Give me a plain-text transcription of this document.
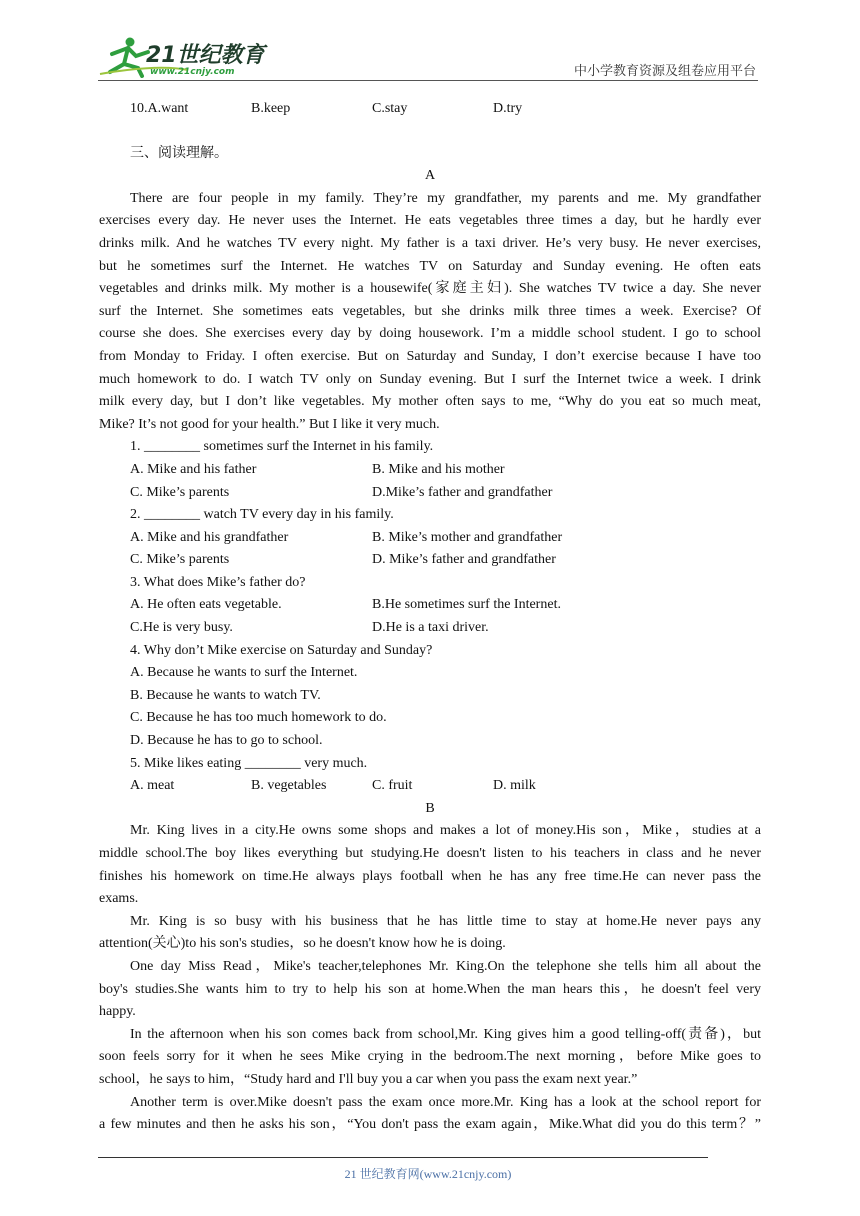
21世纪教育
www.21cnjy.com	中小学教育资源及组卷应用平台
10.A.want	B.keep	C.stay	D.try
三、阅读理解。
A
There are four people in my family. They’re my grandfather, my parents and me. My grandfather
exercises every day. He never uses the Internet. He eats vegetables three times a day, but he hardly ever
drinks milk. And he watches TV every night. My father is a taxi driver. He’s very busy. He never exercises,
but he sometimes surf the Internet. He watches TV on Saturday and Sunday evening. He often eats
vegetables and drinks milk. My mother is a housewife(家庭主妇). She watches TV twice a day. She never
surf the Internet. She sometimes eats vegetables, but she drinks milk three times a week. Exercise? Of
course she does. She exercises every day by doing housework. I’m a middle school student. I go to school
from Monday to Friday. I often exercise. But on Saturday and Sunday, I don’t exercise because I have too
much homework to do. I watch TV only on Sunday evening. But I surf the Internet twice a week. I drink
milk every day, but I don’t like vegetables. My mother often says to me, “Why do you eat so much meat,
Mike? It’s not good for your health.” But I like it very much.
1. ________ sometimes surf the Internet in his family.
A. Mike and his father	B. Mike and his mother
C. Mike’s parents	D.Mike’s father and grandfather
2. ________ watch TV every day in his family.
A. Mike and his grandfather	B. Mike’s mother and grandfather
C. Mike’s parents	D. Mike’s father and grandfather
3. What does Mike’s father do?
A. He often eats vegetable.	B.He sometimes surf the Internet.
C.He is very busy.	D.He is a taxi driver.
4. Why don’t Mike exercise on Saturday and Sunday?
A. Because he wants to surf the Internet.
B. Because he wants to watch TV.
C. Because he has too much homework to do.
D. Because he has to go to school.
5. Mike likes eating ________ very much.
A. meat	B. vegetables	C. fruit	D. milk
B
Mr. King lives in a city.He owns some shops and makes a lot of money.His son，Mike，studies at a
middle school.The boy likes everything but studying.He doesn't listen to his teachers in class and he never
finishes his homework on time.He always plays football when he has any free time.He can never pass the
exams.
Mr. King is so busy with his business that he has little time to stay at home.He never pays any
attention(关心)to his son's studies，so he doesn't know how he is doing.
One day Miss Read，Mike's teacher,telephones Mr. King.On the telephone she tells him all about the
boy's studies.She wants him to try to help his son at home.When the man hears this，he doesn't feel very
happy.
In the afternoon when his son comes back from school,Mr. King gives him a good telling-off(责备)，but
soon feels sorry for it when he sees Mike crying in the bedroom.The next morning，before Mike goes to
school，he says to him，“Study hard and I'll buy you a car when you pass the exam next year.”
Another term is over.Mike doesn't pass the exam once more.Mr. King has a look at the school report for
a few minutes and then he asks his son，“You don't pass the exam again，Mike.What did you do this term？”
21 世纪教育网(www.21cnjy.com)
